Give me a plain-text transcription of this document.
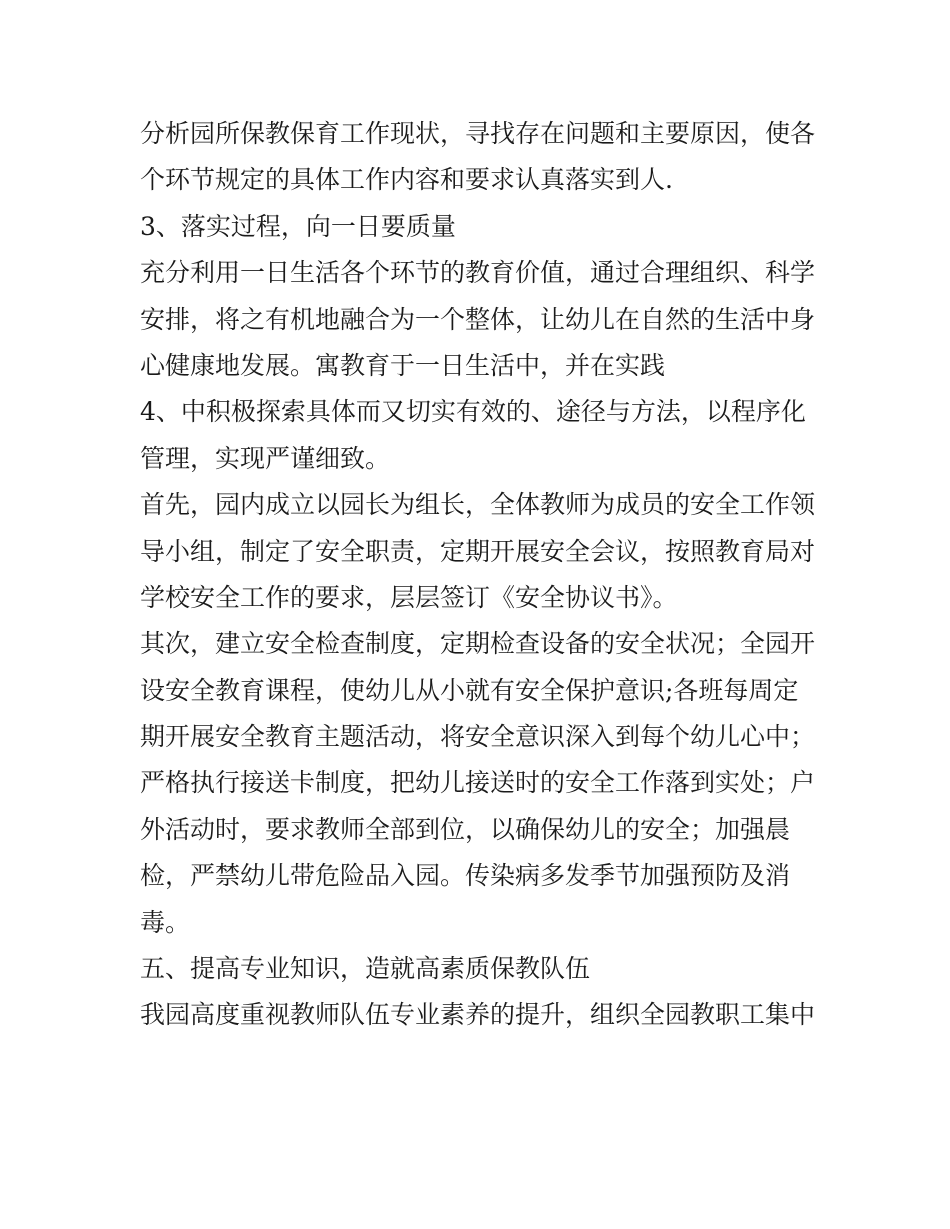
分析园所保教保育工作现状，寻找存在问题和主要原因，使各
个环节规定的具体工作内容和要求认真落实到人.
3、落实过程，向一日要质量
充分利用一日生活各个环节的教育价值，通过合理组织、科学
安排，将之有机地融合为一个整体，让幼儿在自然的生活中身
心健康地发展。寓教育于一日生活中，并在实践
4、中积极探索具体而又切实有效的、途径与方法，以程序化
管理，实现严谨细致。
首先，园内成立以园长为组长，全体教师为成员的安全工作领
导小组，制定了安全职责，定期开展安全会议，按照教育局对
学校安全工作的要求，层层签订《安全协议书》。
其次，建立安全检查制度，定期检查设备的安全状况；全园开
设安全教育课程，使幼儿从小就有安全保护意识;各班每周定
期开展安全教育主题活动，将安全意识深入到每个幼儿心中；
严格执行接送卡制度，把幼儿接送时的安全工作落到实处；户
外活动时，要求教师全部到位，以确保幼儿的安全；加强晨
检，严禁幼儿带危险品入园。传染病多发季节加强预防及消
毒。
五、提高专业知识，造就高素质保教队伍
我园高度重视教师队伍专业素养的提升，组织全园教职工集中
